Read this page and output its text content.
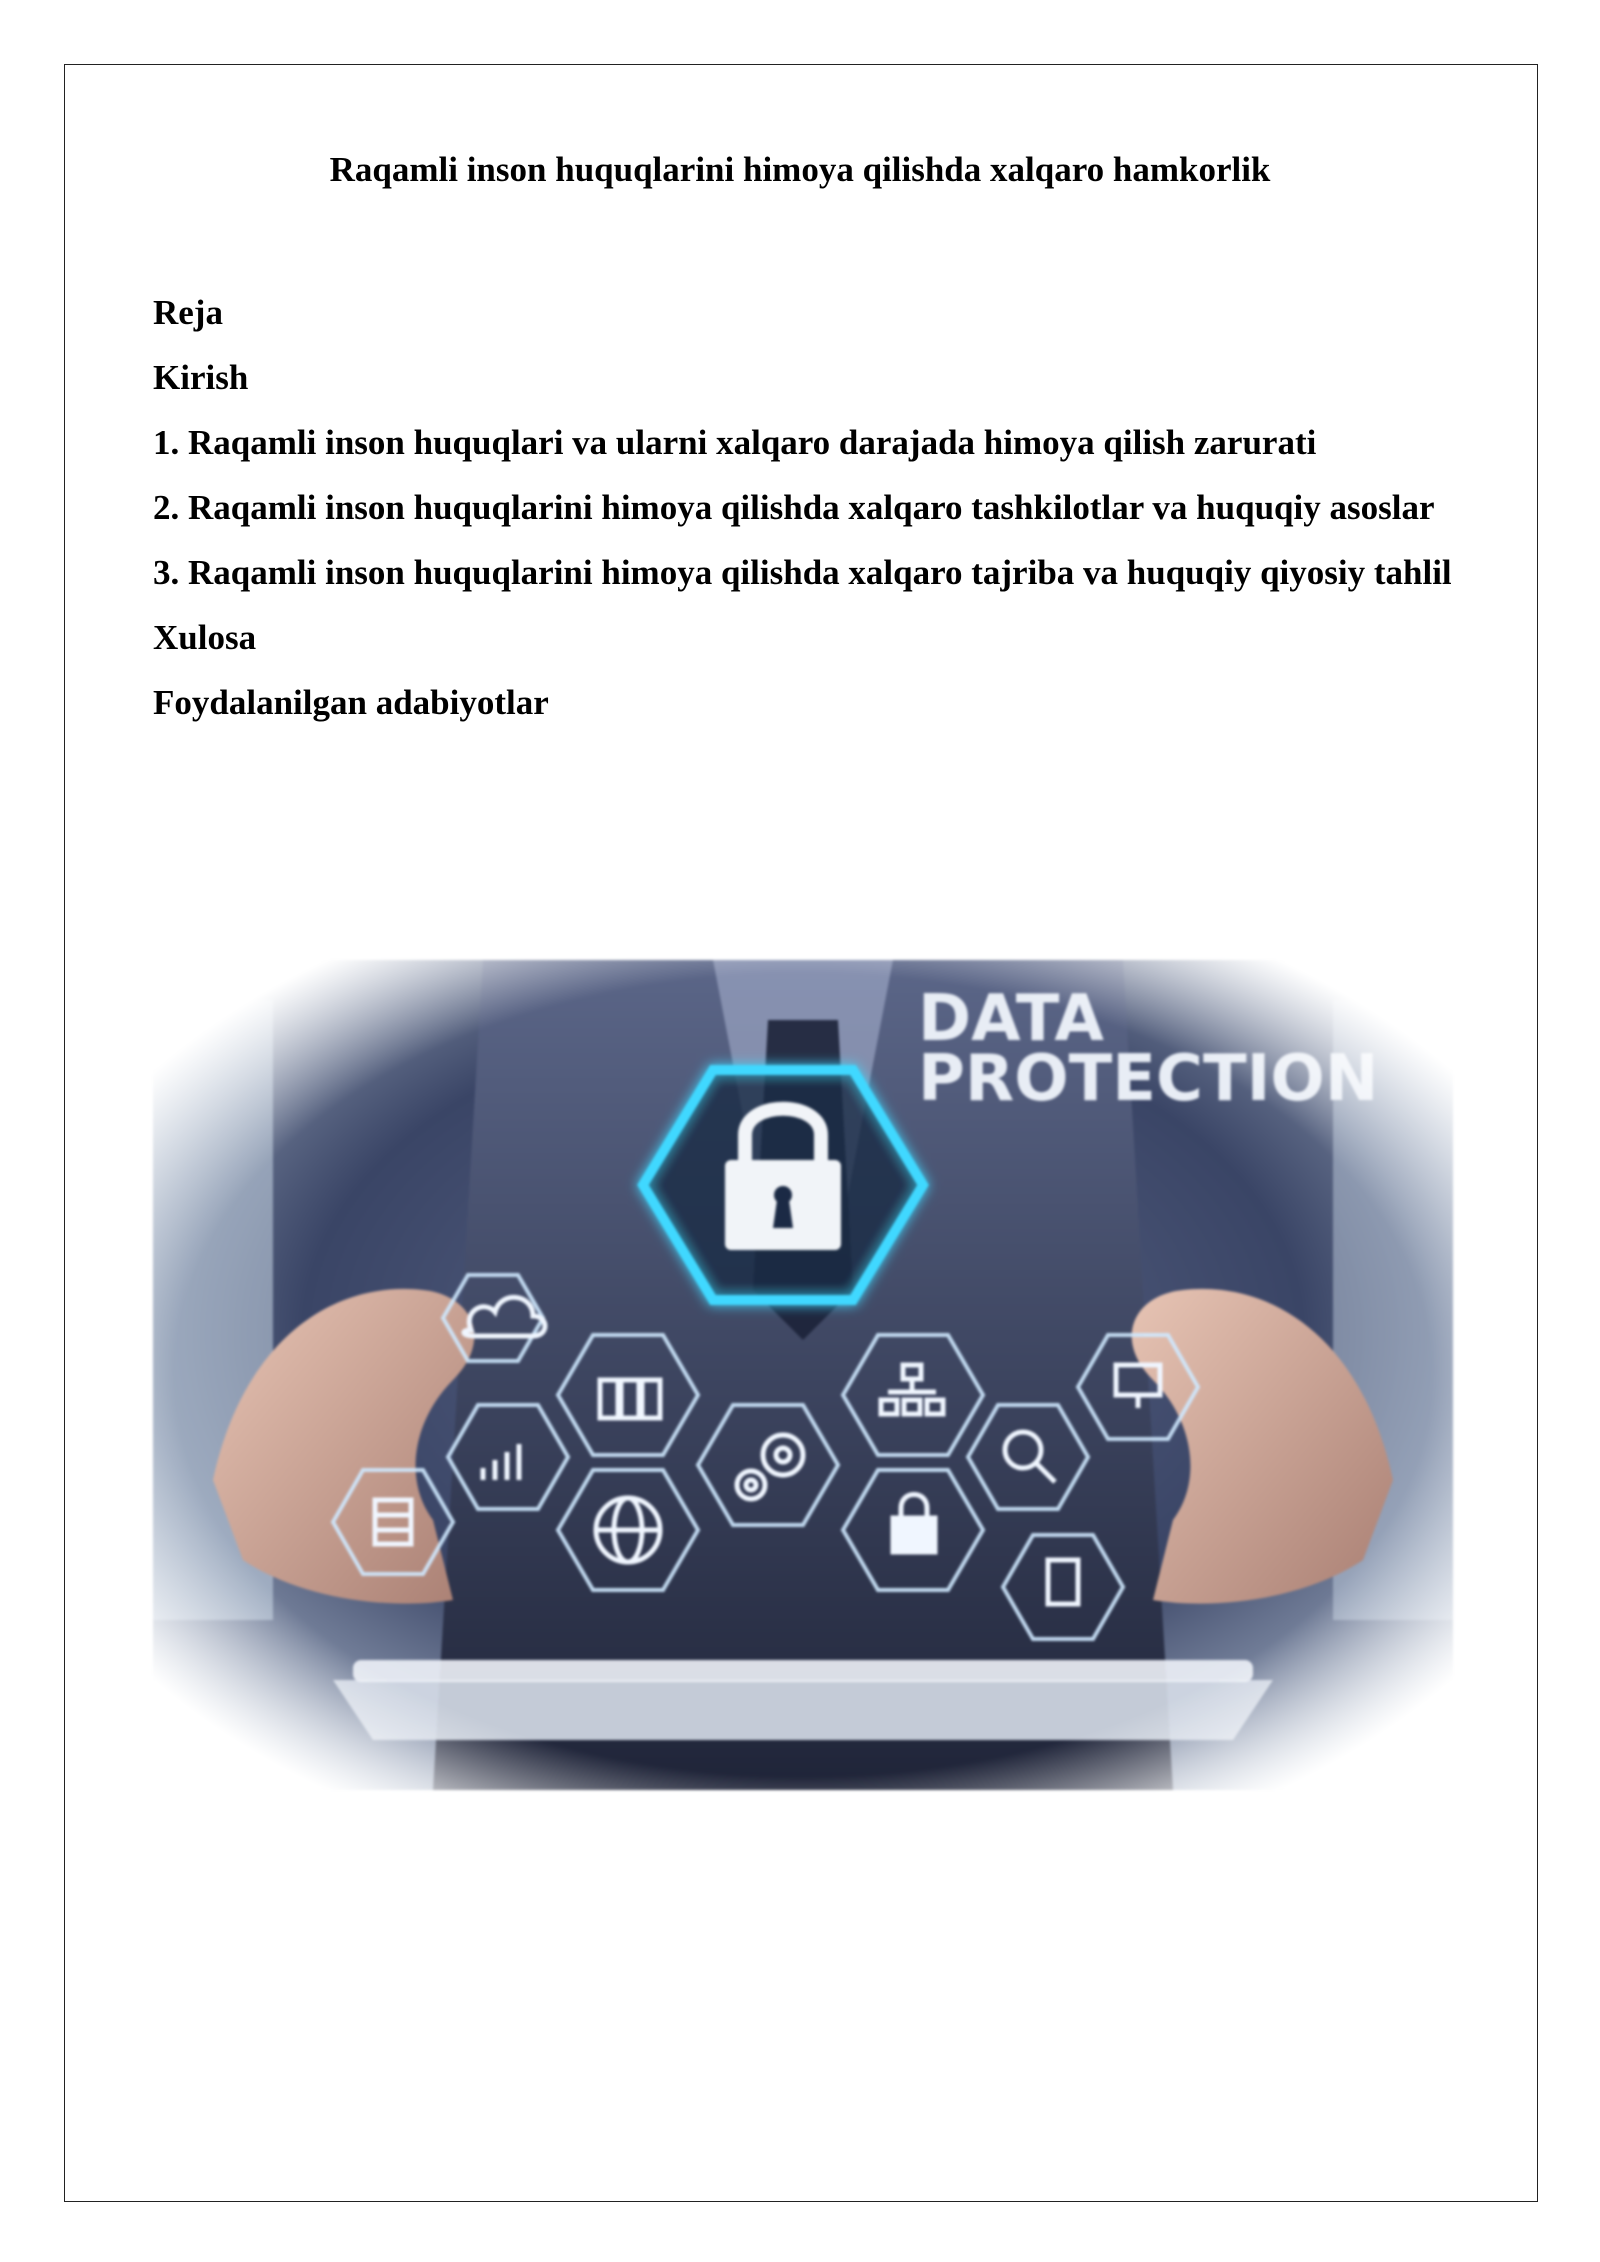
Raqamli inson huquqlarini himoya qilishda xalqaro hamkorlik
Reja
Kirish
1. Raqamli inson huquqlari va ularni xalqaro darajada himoya qilish zarurati
2. Raqamli inson huquqlarini himoya qilishda xalqaro tashkilotlar va huquqiy asoslar
3. Raqamli inson huquqlarini himoya qilishda xalqaro tajriba va huquqiy qiyosiy tahlil
Xulosa
Foydalanilgan adabiyotlar
